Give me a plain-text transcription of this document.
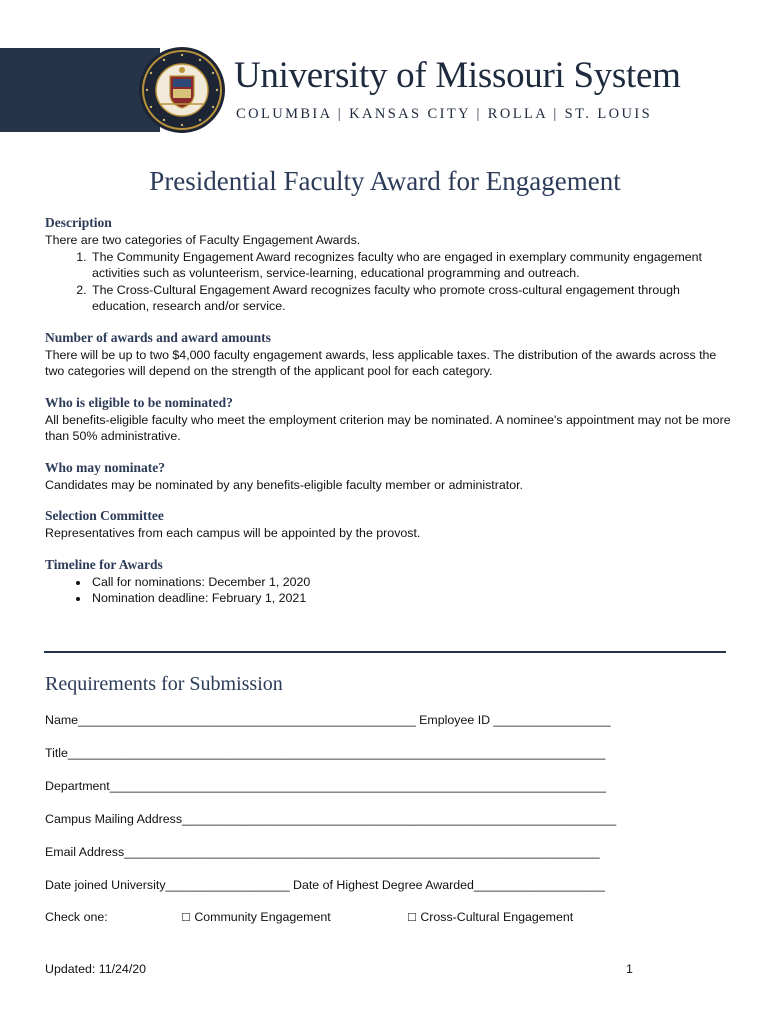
University of Missouri System
COLUMBIA | KANSAS CITY | ROLLA | ST. LOUIS
Presidential Faculty Award for Engagement
Description

There are two categories of Faculty Engagement Awards.

1. The Community Engagement Award recognizes faculty who are engaged in exemplary community engagement activities such as volunteerism, service-learning, educational programming and outreach.
2. The Cross-Cultural Engagement Award recognizes faculty who promote cross-cultural engagement through education, research and/or service.
Number of awards and award amounts

There will be up to two $4,000 faculty engagement awards, less applicable taxes. The distribution of the awards across the two categories will depend on the strength of the applicant pool for each category.

Who is eligible to be nominated?

All benefits-eligible faculty who meet the employment criterion may be nominated. A nominee's appointment may not be more than 50% administrative.

Who may nominate?

Candidates may be nominated by any benefits-eligible faculty member or administrator.

Selection Committee

Representatives from each campus will be appointed by the provost.

Timeline for Awards
• Call for nominations: December 1, 2020
• Nomination deadline: February 1, 2021
Requirements for Submission
Name_________________________________________________ Employee ID _________________
Title______________________________________________________________________________
Department________________________________________________________________________
Campus Mailing Address_______________________________________________________________
Email Address_____________________________________________________________________
Date joined University__________________ Date of Highest Degree Awarded___________________
Check one:	☐ Community Engagement	☐ Cross-Cultural Engagement
Updated: 11/24/20	1
